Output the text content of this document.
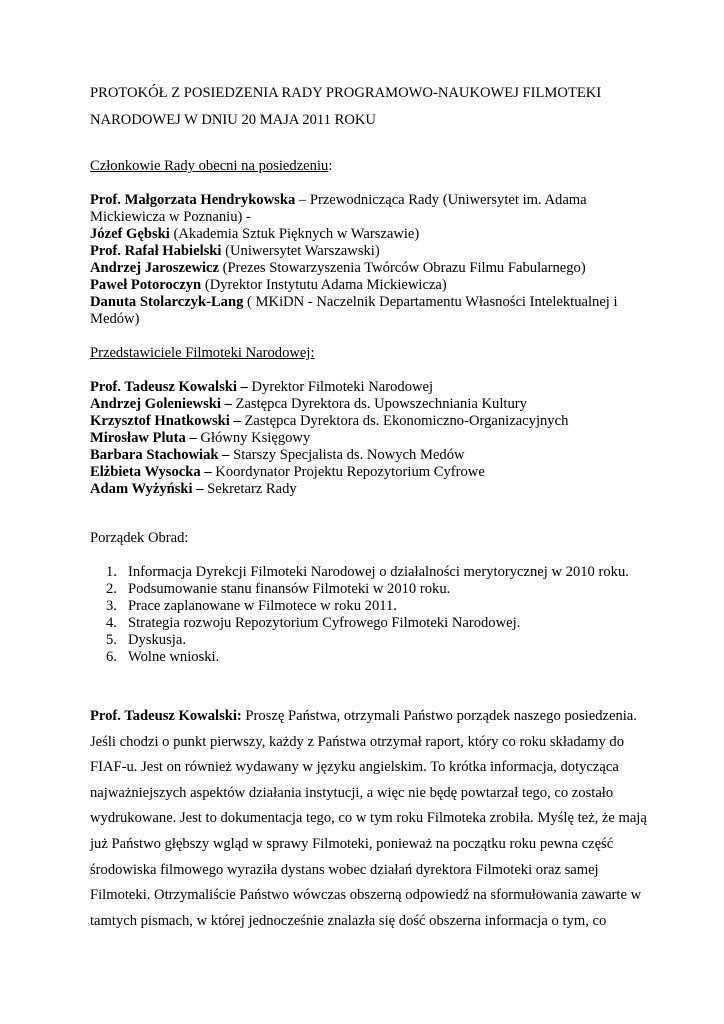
PROTOKÓŁ Z POSIEDZENIA RADY PROGRAMOWO-NAUKOWEJ FILMOTEKI
NARODOWEJ W DNIU 20 MAJA 2011 ROKU

Członkowie Rady obecni na posiedzeniu:

Prof. Małgorzata Hendrykowska – Przewodnicząca Rady (Uniwersytet im. Adama Mickiewicza w Poznaniu) -

Józef Gębski (Akademia Sztuk Pięknych w Warszawie)

Prof. Rafał Habielski (Uniwersytet Warszawski)

Andrzej Jaroszewicz (Prezes Stowarzyszenia Twórców Obrazu Filmu Fabularnego)

Paweł Potoroczyn (Dyrektor Instytutu Adama Mickiewicza)

Danuta Stolarczyk-Lang ( MKiDN - Naczelnik Departamentu Własności Intelektualnej i Medów)

Przedstawiciele Filmoteki Narodowej:

Prof. Tadeusz Kowalski – Dyrektor Filmoteki Narodowej

Andrzej Goleniewski – Zastępca Dyrektora ds. Upowszechniania Kultury

Krzysztof Hnatkowski – Zastępca Dyrektora ds. Ekonomiczno-Organizacyjnych

Mirosław Pluta – Główny Księgowy

Barbara Stachowiak – Starszy Specjalista ds. Nowych Medów

Elżbieta Wysocka – Koordynator Projektu Repozytorium Cyfrowe

Adam Wyżyński – Sekretarz Rady

Porządek Obrad:

1. Informacja Dyrekcji Filmoteki Narodowej o działalności merytorycznej w 2010 roku.
2. Podsumowanie stanu finansów Filmoteki w 2010 roku.
3. Prace zaplanowane w Filmotece w roku 2011.
4. Strategia rozwoju Repozytorium Cyfrowego Filmoteki Narodowej.
5. Dyskusja.
6. Wolne wnioski.

Prof. Tadeusz Kowalski: Proszę Państwa, otrzymali Państwo porządek naszego posiedzenia. Jeśli chodzi o punkt pierwszy, każdy z Państwa otrzymał raport, który co roku składamy do FIAF-u. Jest on również wydawany w języku angielskim. To krótka informacja, dotycząca najważniejszych aspektów działania instytucji, a więc nie będę powtarzał tego, co zostało wydrukowane. Jest to dokumentacja tego, co w tym roku Filmoteka zrobiła. Myślę też, że mają już Państwo głębszy wgląd w sprawy Filmoteki, ponieważ na początku roku pewna część środowiska filmowego wyraziła dystans wobec działań dyrektora Filmoteki oraz samej Filmoteki. Otrzymaliście Państwo wówczas obszerną odpowiedź na sformułowania zawarte w tamtych pismach, w której jednocześnie znalazła się dość obszerna informacja o tym, co
